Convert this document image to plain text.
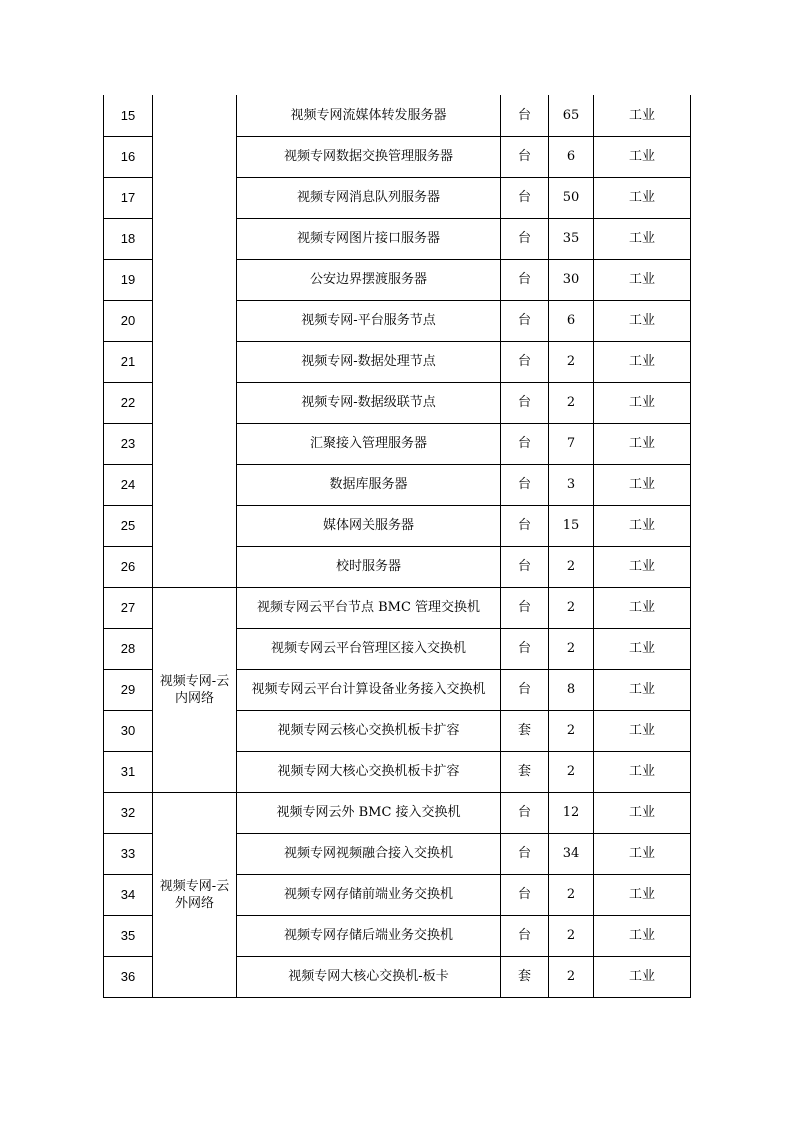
15		视频专网流媒体转发服务器	台	65	工业
16		视频专网数据交换管理服务器	台	6	工业
17		视频专网消息队列服务器	台	50	工业
18		视频专网图片接口服务器	台	35	工业
19		公安边界摆渡服务器	台	30	工业
20		视频专网-平台服务节点	台	6	工业
21		视频专网-数据处理节点	台	2	工业
22		视频专网-数据级联节点	台	2	工业
23		汇聚接入管理服务器	台	7	工业
24		数据库服务器	台	3	工业
25		媒体网关服务器	台	15	工业
26		校时服务器	台	2	工业
27	视频专网-云内网络	视频专网云平台节点 BMC 管理交换机	台	2	工业
28		视频专网云平台管理区接入交换机	台	2	工业
29		视频专网云平台计算设备业务接入交换机	台	8	工业
30		视频专网云核心交换机板卡扩容	套	2	工业
31		视频专网大核心交换机板卡扩容	套	2	工业
32	视频专网-云外网络	视频专网云外 BMC 接入交换机	台	12	工业
33		视频专网视频融合接入交换机	台	34	工业
34		视频专网存储前端业务交换机	台	2	工业
35		视频专网存储后端业务交换机	台	2	工业
36		视频专网大核心交换机-板卡	套	2	工业
